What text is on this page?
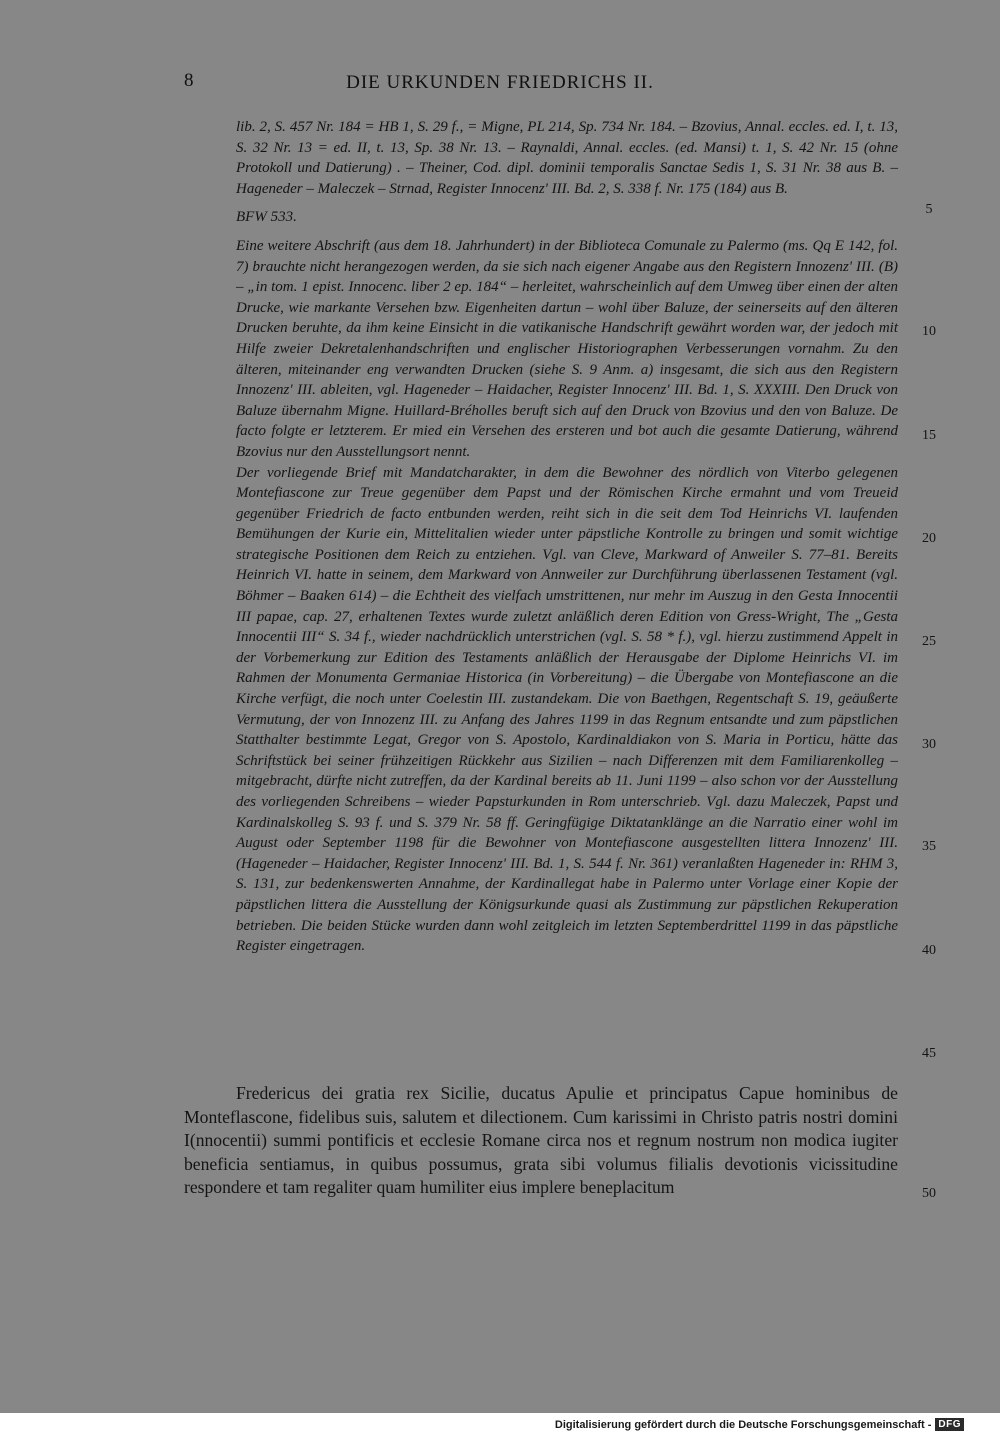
8	DIE URKUNDEN FRIEDRICHS II.

lib. 2, S. 457 Nr. 184 = HB 1, S. 29 f., = Migne, PL 214, Sp. 734 Nr. 184. – Bzovius, Annal. eccles. ed. I, t. 13, S. 32 Nr. 13 = ed. II, t. 13, Sp. 38 Nr. 13. – Raynaldi, Annal. eccles. (ed. Mansi) t. 1, S. 42 Nr. 15 (ohne Protokoll und Datierung) . – Theiner, Cod. dipl. dominii temporalis Sanctae Sedis 1, S. 31 Nr. 38 aus B. – Hageneder – Maleczek – Strnad, Register Innocenz' III. Bd. 2, S. 338 f. Nr. 175 (184) aus B.

BFW 533.

Eine weitere Abschrift (aus dem 18. Jahrhundert) in der Biblioteca Comunale zu Palermo (ms. Qq E 142, fol. 7) brauchte nicht herangezogen werden, da sie sich nach eigener Angabe aus den Registern Innozenz' III. (B) – „in tom. 1 epist. Innocenc. liber 2 ep. 184“ – herleitet, wahrscheinlich auf dem Umweg über einen der alten Drucke, wie markante Versehen bzw. Eigenheiten dartun – wohl über Baluze, der seinerseits auf den älteren Drucken beruhte, da ihm keine Einsicht in die vatikanische Handschrift gewährt worden war, der jedoch mit Hilfe zweier Dekretalenhandschriften und englischer Historiographen Verbesserungen vornahm. Zu den älteren, miteinander eng verwandten Drucken (siehe S. 9 Anm. a) insgesamt, die sich aus den Registern Innozenz' III. ableiten, vgl. Hageneder – Haidacher, Register Innocenz' III. Bd. 1, S. XXXIII. Den Druck von Baluze übernahm Migne. Huillard-Bréholles beruft sich auf den Druck von Bzovius und den von Baluze. De facto folgte er letzterem. Er mied ein Versehen des ersteren und bot auch die gesamte Datierung, während Bzovius nur den Ausstellungsort nennt.

Der vorliegende Brief mit Mandatcharakter, in dem die Bewohner des nördlich von Viterbo gelegenen Montefiascone zur Treue gegenüber dem Papst und der Römischen Kirche ermahnt und vom Treueid gegenüber Friedrich de facto entbunden werden, reiht sich in die seit dem Tod Heinrichs VI. laufenden Bemühungen der Kurie ein, Mittelitalien wieder unter päpstliche Kontrolle zu bringen und somit wichtige strategische Positionen dem Reich zu entziehen. Vgl. van Cleve, Markward of Anweiler S. 77–81. Bereits Heinrich VI. hatte in seinem, dem Markward von Annweiler zur Durchführung überlassenen Testament (vgl. Böhmer – Baaken 614) – die Echtheit des vielfach umstrittenen, nur mehr im Auszug in den Gesta Innocentii III papae, cap. 27, erhaltenen Textes wurde zuletzt anläßlich deren Edition von Gress-Wright, The „Gesta Innocentii III“ S. 34 f., wieder nachdrücklich unterstrichen (vgl. S. 58 * f.), vgl. hierzu zustimmend Appelt in der Vorbemerkung zur Edition des Testaments anläßlich der Herausgabe der Diplome Heinrichs VI. im Rahmen der Monumenta Germaniae Historica (in Vorbereitung) – die Übergabe von Montefiascone an die Kirche verfügt, die noch unter Coelestin III. zustandekam. Die von Baethgen, Regentschaft S. 19, geäußerte Vermutung, der von Innozenz III. zu Anfang des Jahres 1199 in das Regnum entsandte und zum päpstlichen Statthalter bestimmte Legat, Gregor von S. Apostolo, Kardinaldiakon von S. Maria in Porticu, hätte das Schriftstück bei seiner frühzeitigen Rückkehr aus Sizilien – nach Differenzen mit dem Familiarenkolleg – mitgebracht, dürfte nicht zutreffen, da der Kardinal bereits ab 11. Juni 1199 – also schon vor der Ausstellung des vorliegenden Schreibens – wieder Papsturkunden in Rom unterschrieb. Vgl. dazu Maleczek, Papst und Kardinalskolleg S. 93 f. und S. 379 Nr. 58 ff. Geringfügige Diktatanklänge an die Narratio einer wohl im August oder September 1198 für die Bewohner von Montefiascone ausgestellten littera Innozenz' III. (Hageneder – Haidacher, Register Innocenz' III. Bd. 1, S. 544 f. Nr. 361) veranlaßten Hageneder in: RHM 3, S. 131, zur bedenkenswerten Annahme, der Kardinallegat habe in Palermo unter Vorlage einer Kopie der päpstlichen littera die Ausstellung der Königsurkunde quasi als Zustimmung zur päpstlichen Rekuperation betrieben. Die beiden Stücke wurden dann wohl zeitgleich im letzten Septemberdrittel 1199 in das päpstliche Register eingetragen.

Fredericus dei gratia rex Sicilie, ducatus Apulie et principatus Capue hominibus de Monteflascone, fidelibus suis, salutem et dilectionem. Cum karissimi in Christo patris nostri domini I(nnocentii) summi pontificis et ecclesie Romane circa nos et regnum nostrum non modica iugiter beneficia sentiamus, in quibus possumus, grata sibi volumus filialis devotionis vicissitudine respondere et tam regaliter quam humiliter eius implere beneplacitum

5
10
15
20
25
30
35
40
45
50
Digitalisierung gefördert durch die Deutsche Forschungsgemeinschaft - DFG
